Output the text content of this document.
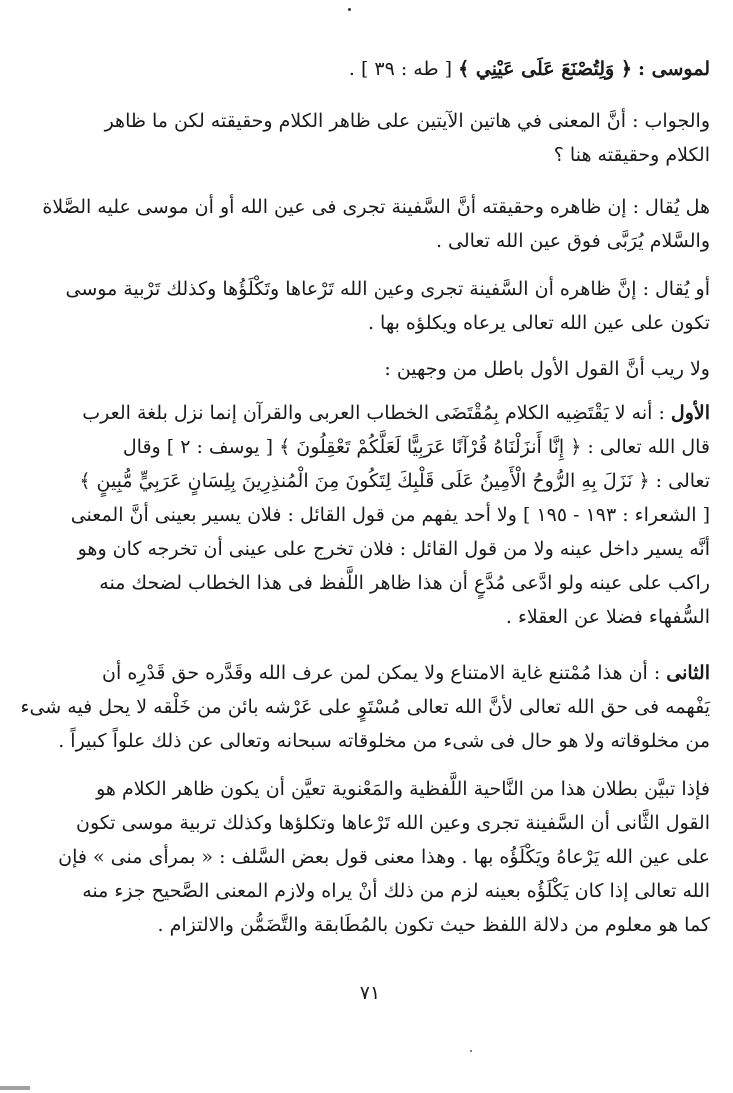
لموسى : ﴿ وَلِتُصْنَعَ عَلَى عَيْنِي ﴾ [ طه : ٣٩ ] .

والجواب : أنَّ المعنى في هاتين الآيتين على ظاهر الكلام وحقيقته لكن ما ظاهر
الكلام وحقيقته هنا ؟

هل يُقال : إن ظاهره وحقيقته أنَّ السَّفينة تجرى فى عين الله أو أن موسى عليه الصَّلاة
والسَّلام يُرَبَّى فوق عين الله تعالى .

أو يُقال : إنَّ ظاهره أن السَّفينة تجرى وعين الله تَرْعاها وتَكْلَؤُها وكذلك تَرْبية موسى
تكون على عين الله تعالى يرعاه ويكلؤه بها .

ولا ريب أنَّ القول الأول باطل من وجهين :

الأول : أنه لا يَقْتَضِيه الكلام بِمُقْتَضَى الخطاب العربى والقرآن إنما نزل بلغة العرب
قال الله تعالى : ﴿ إِنَّا أَنزَلْنَاهُ قُرْآنًا عَرَبِيًّا لَعَلَّكُمْ تَعْقِلُونَ ﴾ [ يوسف : ٢ ] وقال
تعالى : ﴿ نَزَلَ بِهِ الرُّوحُ الْأَمِينُ عَلَى قَلْبِكَ لِتَكُونَ مِنَ الْمُنذِرِينَ بِلِسَانٍ عَرَبِيٍّ مُّبِينٍ ﴾
[ الشعراء : ١٩٣ - ١٩٥ ] ولا أحد يفهم من قول القائل : فلان يسير بعينى أنَّ المعنى
أنَّه يسير داخل عينه ولا من قول القائل : فلان تخرج على عينى أن تخرجه كان وهو
راكب على عينه ولو ادَّعى مُدَّعٍ أن هذا ظاهر اللَّفظ فى هذا الخطاب لضحك منه
السُّفهاء فضلا عن العقلاء .

الثانى : أن هذا مُمْتنع غاية الامتناع ولا يمكن لمن عرف الله وقَدَّره حق قَدْرِه أن
يَفْهمه فى حق الله تعالى لأنَّ الله تعالى مُسْتَوٍ على عَرْشه بائن من خَلْقه لا يحل فيه شىء
من مخلوقاته ولا هو حال فى شىء من مخلوقاته سبحانه وتعالى عن ذلك علواً كبيراً .

فإذا تبيَّن بطلان هذا من النَّاحية اللَّفظية والمَعْنوية تعيَّن أن يكون ظاهر الكلام هو
القول الثَّانى أن السَّفينة تجرى وعين الله تَرْعاها وتكلؤها وكذلك تربية موسى تكون
على عين الله يَرْعاهُ ويَكْلَؤُه بها . وهذا معنى قول بعض السَّلف : « بمرأى منى » فإن
الله تعالى إذا كان يَكْلَؤُه بعينه لزم من ذلك أنْ يراه ولازم المعنى الصَّحيح جزء منه
كما هو معلوم من دلالة اللفظ حيث تكون بالمُطَابقة والتَّضَمُّن والالتزام .

٧١
